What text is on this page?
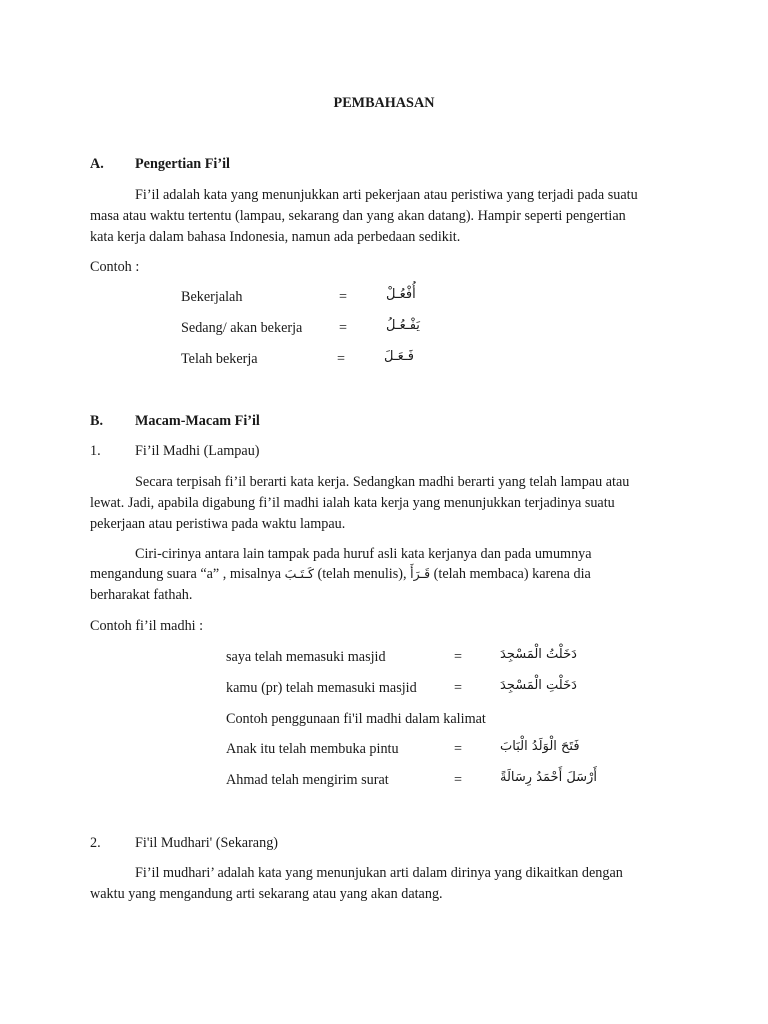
PEMBAHASAN
A. Pengertian Fi’il
Fi’il adalah kata yang menunjukkan arti pekerjaan atau peristiwa yang terjadi pada suatu
masa atau waktu tertentu (lampau, sekarang dan yang akan datang). Hampir seperti pengertian
kata kerja dalam bahasa Indonesia, namun ada perbedaan sedikit.
Contoh :
Bekerjalah	=	أُفْعُـلْ
Sedang/ akan bekerja	=	يَفْـعُـلُ
Telah bekerja	=	فَـعَـلَ
B. Macam-Macam Fi’il
1. Fi’il Madhi (Lampau)
Secara terpisah fi’il berarti kata kerja. Sedangkan madhi berarti yang telah lampau atau
lewat. Jadi, apabila digabung fi’il madhi ialah kata kerja yang menunjukkan terjadinya suatu
pekerjaan atau peristiwa pada waktu lampau.
Ciri-cirinya antara lain tampak pada huruf asli kata kerjanya dan pada umumnya
mengandung suara “a” , misalnya كَـتَـبَ (telah menulis), قَـرَأَ (telah membaca) karena dia
berharakat fathah.
Contoh fi’il madhi :
saya telah memasuki masjid	=	دَخَلْتُ الْمَسْجِدَ
kamu (pr) telah memasuki masjid	=	دَخَلْتِ الْمَسْجِدَ
Contoh penggunaan fi'il madhi dalam kalimat
Anak itu telah membuka pintu	=	فَتَحَ الْوَلَدُ الْبَابَ
Ahmad telah mengirim surat	=	أَرْسَلَ أَحْمَدُ رِسَالَةً
2. Fi'il Mudhari' (Sekarang)
Fi’il mudhari’ adalah kata yang menunjukan arti dalam dirinya yang dikaitkan dengan
waktu yang mengandung arti sekarang atau yang akan datang.
